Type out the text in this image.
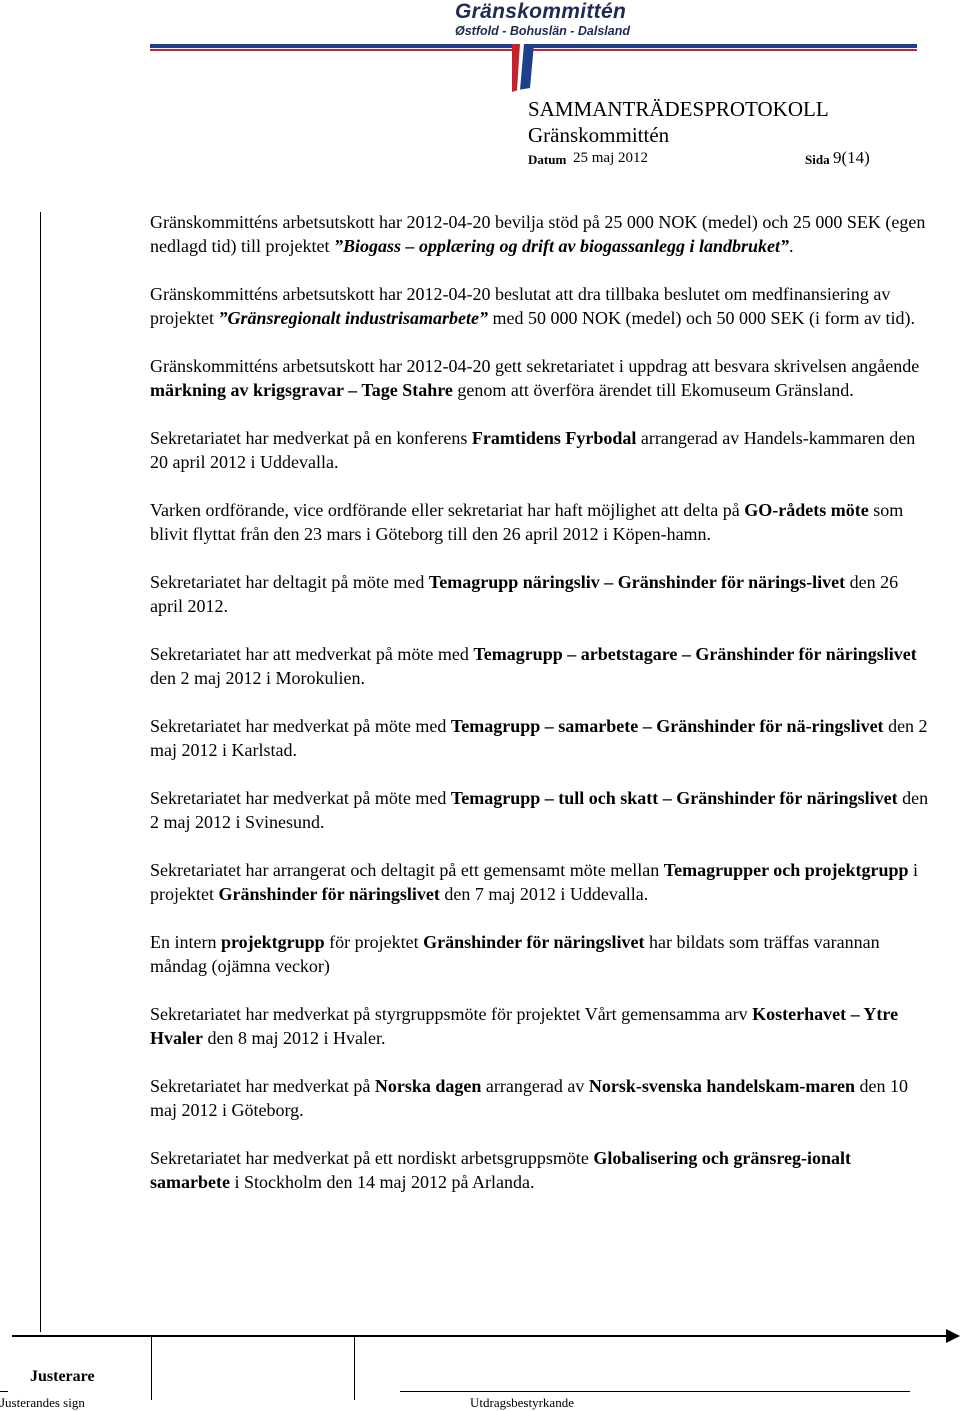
Gränskommittén
Østfold - Bohuslän - Dalsland
SAMMANTRÄDESPROTOKOLL
Gränskommittén
Datum 25 maj 2012	Sida 9(14)

Gränskommitténs arbetsutskott har 2012-04-20 bevilja stöd på 25 000 NOK (medel) och 25 000 SEK (egen nedlagd tid) till projektet ”Biogass – opplæring og drift av biogassanlegg i landbruket”.

Gränskommitténs arbetsutskott har 2012-04-20 beslutat att dra tillbaka beslutet om medfinansiering av projektet ”Gränsregionalt industrisamarbete” med 50 000 NOK (medel) och 50 000 SEK (i form av tid).

Gränskommitténs arbetsutskott har 2012-04-20 gett sekretariatet i uppdrag att besvara skrivelsen angående märkning av krigsgravar – Tage Stahre genom att överföra ärendet till Ekomuseum Gränsland.

Sekretariatet har medverkat på en konferens Framtidens Fyrbodal arrangerad av Handels-kammaren den 20 april 2012 i Uddevalla.

Varken ordförande, vice ordförande eller sekretariat har haft möjlighet att delta på GO-rådets möte som blivit flyttat från den 23 mars i Göteborg till den 26 april 2012 i Köpen-hamn.

Sekretariatet har deltagit på möte med Temagrupp näringsliv – Gränshinder för närings-livet den 26 april 2012.

Sekretariatet har att medverkat på möte med Temagrupp – arbetstagare – Gränshinder för näringslivet den 2 maj 2012 i Morokulien.

Sekretariatet har medverkat på möte med Temagrupp – samarbete – Gränshinder för nä-ringslivet den 2 maj 2012 i Karlstad.

Sekretariatet har medverkat på möte med Temagrupp – tull och skatt – Gränshinder för näringslivet den 2 maj 2012 i Svinesund.

Sekretariatet har arrangerat och deltagit på ett gemensamt möte mellan Temagrupper och projektgrupp i projektet Gränshinder för näringslivet den 7 maj 2012 i Uddevalla.

En intern projektgrupp för projektet Gränshinder för näringslivet har bildats som träffas varannan måndag (ojämna veckor)

Sekretariatet har medverkat på styrgruppsmöte för projektet Vårt gemensamma arv Kosterhavet – Ytre Hvaler den 8 maj 2012 i Hvaler.

Sekretariatet har medverkat på Norska dagen arrangerad av Norsk-svenska handelskam-maren den 10 maj 2012 i Göteborg.

Sekretariatet har medverkat på ett nordiskt arbetsgruppsmöte Globalisering och gränsreg-ionalt samarbete i Stockholm den 14 maj 2012 på Arlanda.

Justerare
Justerandes sign	Utdragsbestyrkande
